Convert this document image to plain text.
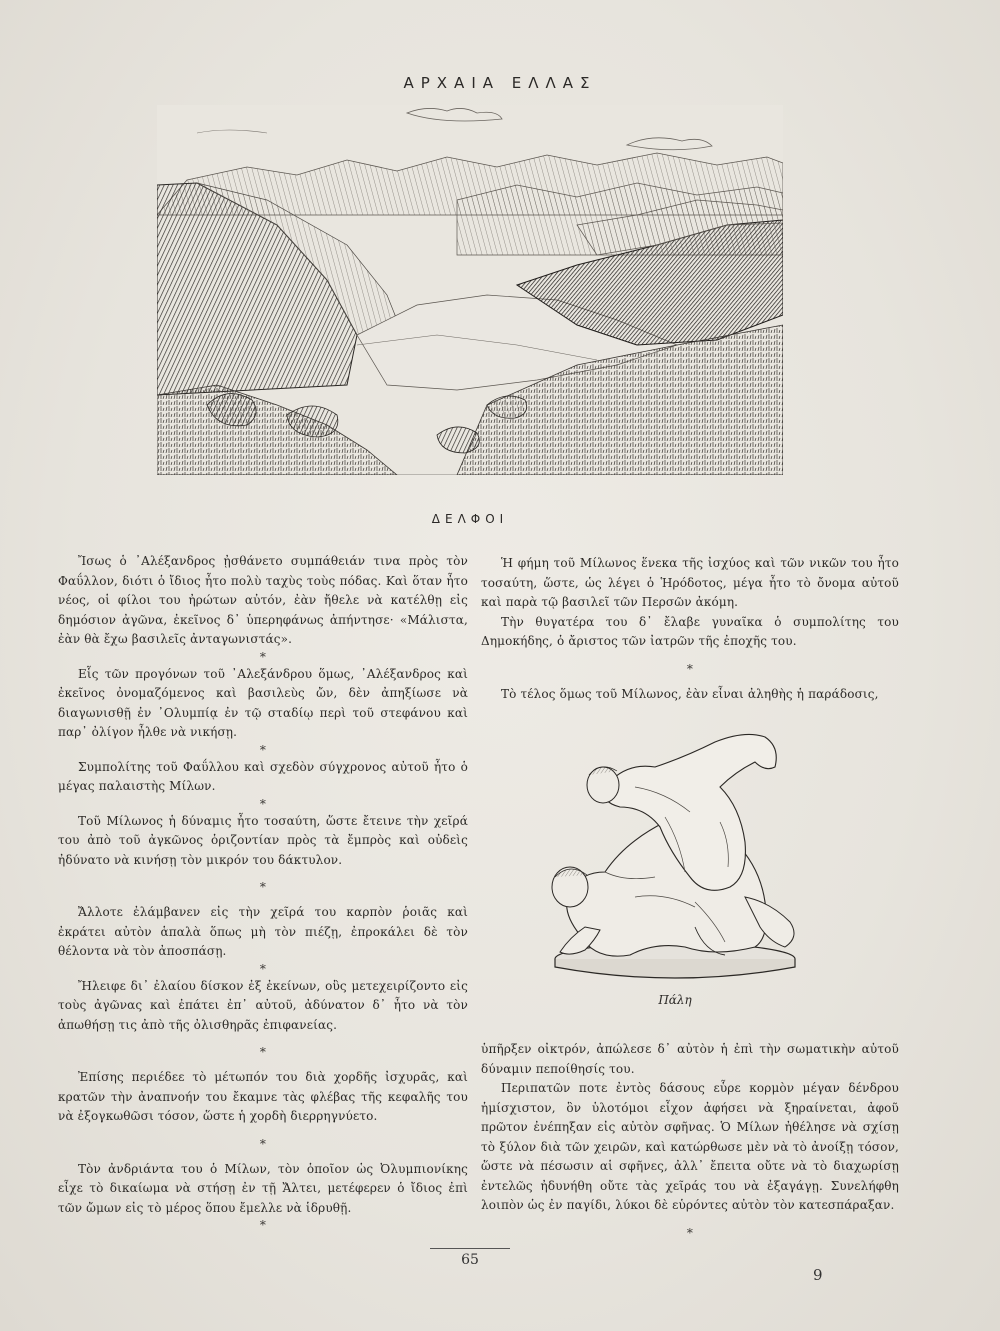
ΑΡΧΑΙΑ ΕΛΛΑΣ
ΔΕΛΦΟΙ

Ἴσως ὁ ᾿Αλέξανδρος ᾐσθάνετο συμπάθειάν τινα πρὸς τὸν Φαΰλλον, διότι ὁ ἴδιος ἦτο πολὺ ταχὺς τοὺς πόδας. Καὶ ὅταν ἦτο νέος, οἱ φίλοι του ἠρώτων αὐτόν, ἐὰν ἤθελε νὰ κατέλθῃ εἰς δημόσιον ἀγῶνα, ἐκεῖνος δ᾿ ὑπερηφάνως ἀπήντησε· «Μάλιστα, ἐὰν θὰ ἔχω βασιλεῖς ἀνταγωνιστάς».

*

Εἷς τῶν προγόνων τοῦ ᾿Αλεξάνδρου ὅμως, ᾿Αλέξανδρος καὶ ἐκεῖνος ὀνομαζόμενος καὶ βασιλεὺς ὤν, δὲν ἀπηξίωσε νὰ διαγωνισθῇ ἐν ᾿Ολυμπίᾳ ἐν τῷ σταδίῳ περὶ τοῦ στεφάνου καὶ παρ᾿ ὀλίγον ἦλθε νὰ νικήσῃ.

*

Συμπολίτης τοῦ Φαΰλλου καὶ σχεδὸν σύγχρονος αὐτοῦ ἦτο ὁ μέγας παλαιστὴς Μίλων.

*

Τοῦ Μίλωνος ἡ δύναμις ἦτο τοσαύτη, ὥστε ἔτεινε τὴν χεῖρά του ἀπὸ τοῦ ἀγκῶνος ὁριζοντίαν πρὸς τὰ ἔμπρὸς καὶ οὐδεὶς ἠδύνατο νὰ κινήσῃ τὸν μικρόν του δάκτυλον.

*

Ἄλλοτε ἐλάμβανεν εἰς τὴν χεῖρά του καρπὸν ῥοιᾶς καὶ ἐκράτει αὐτὸν ἁπαλὰ ὅπως μὴ τὸν πιέζῃ, ἐπροκάλει δὲ τὸν θέλοντα νὰ τὸν ἀποσπάσῃ.

*

Ἤλειφε δι᾿ ἐλαίου δίσκον ἐξ ἐκείνων, οὓς μετεχειρίζοντο εἰς τοὺς ἀγῶνας καὶ ἐπάτει ἐπ᾿ αὐτοῦ, ἀδύνατον δ᾿ ἦτο νὰ τὸν ἀπωθήσῃ τις ἀπὸ τῆς ὀλισθηρᾶς ἐπιφανείας.

*

Ἐπίσης περιέδεε τὸ μέτωπόν του διὰ χορδῆς ἰσχυρᾶς, καὶ κρατῶν τὴν ἀναπνοήν του ἔκαμνε τὰς φλέβας τῆς κεφαλῆς του νὰ ἐξογκωθῶσι τόσον, ὥστε ἡ χορδὴ διερρηγνύετο.

*

Τὸν ἀνδριάντα του ὁ Μίλων, τὸν ὁποῖον ὡς Ὀλυμπιονίκης εἶχε τὸ δικαίωμα νὰ στήσῃ ἐν τῇ Ἄλτει, μετέφερεν ὁ ἴδιος ἐπὶ τῶν ὤμων εἰς τὸ μέρος ὅπου ἔμελλε νὰ ἱδρυθῇ.

*

Ἡ φήμη τοῦ Μίλωνος ἕνεκα τῆς ἰσχύος καὶ τῶν νικῶν του ἦτο τοσαύτη, ὥστε, ὡς λέγει ὁ Ἡρόδοτος, μέγα ἦτο τὸ ὄνομα αὐτοῦ καὶ παρὰ τῷ βασιλεῖ τῶν Περσῶν ἀκόμη.

Τὴν θυγατέρα του δ᾿ ἔλαβε γυναῖκα ὁ συμπολίτης του Δημοκήδης, ὁ ἄριστος τῶν ἰατρῶν τῆς ἐποχῆς του.

*

Τὸ τέλος ὅμως τοῦ Μίλωνος, ἐὰν εἶναι ἀληθὴς ἡ παράδοσις,

Πάλη

ὑπῆρξεν οἰκτρόν, ἀπώλεσε δ᾿ αὐτὸν ἡ ἐπὶ τὴν σωματικὴν αὐτοῦ δύναμιν πεποίθησίς του.

Περιπατῶν ποτε ἐντὸς δάσους εὗρε κορμὸν μέγαν δένδρου ἡμίσχιστον, ὃν ὑλοτόμοι εἶχον ἀφήσει νὰ ξηραίνεται, ἀφοῦ πρῶτον ἐνέπηξαν εἰς αὐτὸν σφῆνας. Ὁ Μίλων ἠθέλησε νὰ σχίσῃ τὸ ξύλον διὰ τῶν χειρῶν, καὶ κατώρθωσε μὲν νὰ τὸ ἀνοίξῃ τόσον, ὥστε νὰ πέσωσιν αἱ σφῆνες, ἀλλ᾿ ἔπειτα οὔτε νὰ τὸ διαχωρίσῃ ἐντελῶς ἠδυνήθη οὔτε τὰς χεῖράς του νὰ ἐξαγάγῃ. Συνελήφθη λοιπὸν ὡς ἐν παγίδι, λύκοι δὲ εὑρόντες αὐτὸν τὸν κατεσπάραξαν.

*
65
9
